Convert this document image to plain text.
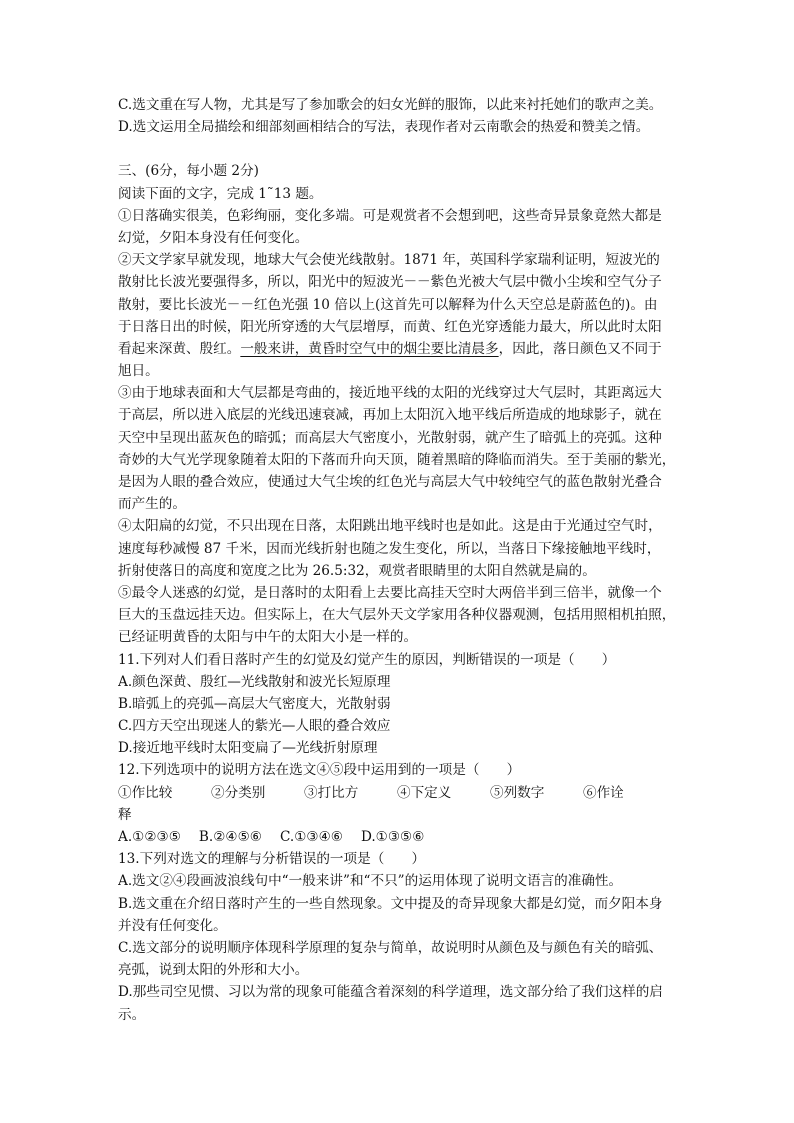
C.选文重在写人物，尤其是写了参加歌会的妇女光鲜的服饰，以此来衬托她们的歌声之美。
D.选文运用全局描绘和细部刻画相结合的写法，表现作者对云南歌会的热爱和赞美之情。
三、(6分，每小题 2分)
阅读下面的文字，完成 1˜13 题。
①日落确实很美，色彩绚丽，变化多端。可是观赏者不会想到吧，这些奇异景象竟然大都是
幻觉，夕阳本身没有任何变化。
②天文学家早就发现，地球大气会使光线散射。1871 年，英国科学家瑞利证明，短波光的
散射比长波光要强得多，所以，阳光中的短波光－－紫色光被大气层中微小尘埃和空气分子
散射，要比长波光－－红色光强 10 倍以上(这首先可以解释为什么天空总是蔚蓝色的)。由
于日落日出的时候，阳光所穿透的大气层增厚，而黄、红色光穿透能力最大，所以此时太阳
看起来深黄、殷红。一般来讲，黄昏时空气中的烟尘要比清晨多，因此，落日颜色又不同于
旭日。
③由于地球表面和大气层都是弯曲的，接近地平线的太阳的光线穿过大气层时，其距离远大
于高层，所以进入底层的光线迅速衰减，再加上太阳沉入地平线后所造成的地球影子，就在
天空中呈现出蓝灰色的暗弧；而高层大气密度小，光散射弱，就产生了暗弧上的亮弧。这种
奇妙的大气光学现象随着太阳的下落而升向天顶，随着黑暗的降临而消失。至于美丽的紫光，
是因为人眼的叠合效应，使通过大气尘埃的红色光与高层大气中较纯空气的蓝色散射光叠合
而产生的。
④太阳扁的幻觉，不只出现在日落，太阳跳出地平线时也是如此。这是由于光通过空气时，
速度每秒减慢 87 千米，因而光线折射也随之发生变化，所以，当落日下缘接触地平线时，
折射使落日的高度和宽度之比为 26.5:32，观赏者眼睛里的太阳自然就是扁的。
⑤最令人迷惑的幻觉，是日落时的太阳看上去要比高挂天空时大两倍半到三倍半，就像一个
巨大的玉盘远挂天边。但实际上，在大气层外天文学家用各种仪器观测，包括用照相机拍照，
已经证明黄昏的太阳与中午的太阳大小是一样的。
11.下列对人们看日落时产生的幻觉及幻觉产生的原因，判断错误的一项是（　　）
A.颜色深黄、殷红—光线散射和波光长短原理
B.暗弧上的亮弧—高层大气密度大，光散射弱
C.四方天空出现迷人的紫光—人眼的叠合效应
D.接近地平线时太阳变扁了—光线折射原理
12.下列选项中的说明方法在选文④⑤段中运用到的一项是（　　）
①作比较	②分类别	③打比方	④下定义	⑤列数字	⑥作诠
释
A.①②③⑤ B.②④⑤⑥ C.①③④⑥ D.①③⑤⑥
13.下列对选文的理解与分析错误的一项是（　　）
A.选文②④段画波浪线句中“一般来讲”和“不只”的运用体现了说明文语言的准确性。
B.选文重在介绍日落时产生的一些自然现象。文中提及的奇异现象大都是幻觉，而夕阳本身
并没有任何变化。
C.选文部分的说明顺序体现科学原理的复杂与简单，故说明时从颜色及与颜色有关的暗弧、
亮弧，说到太阳的外形和大小。
D.那些司空见惯、习以为常的现象可能蕴含着深刻的科学道理，选文部分给了我们这样的启
示。
